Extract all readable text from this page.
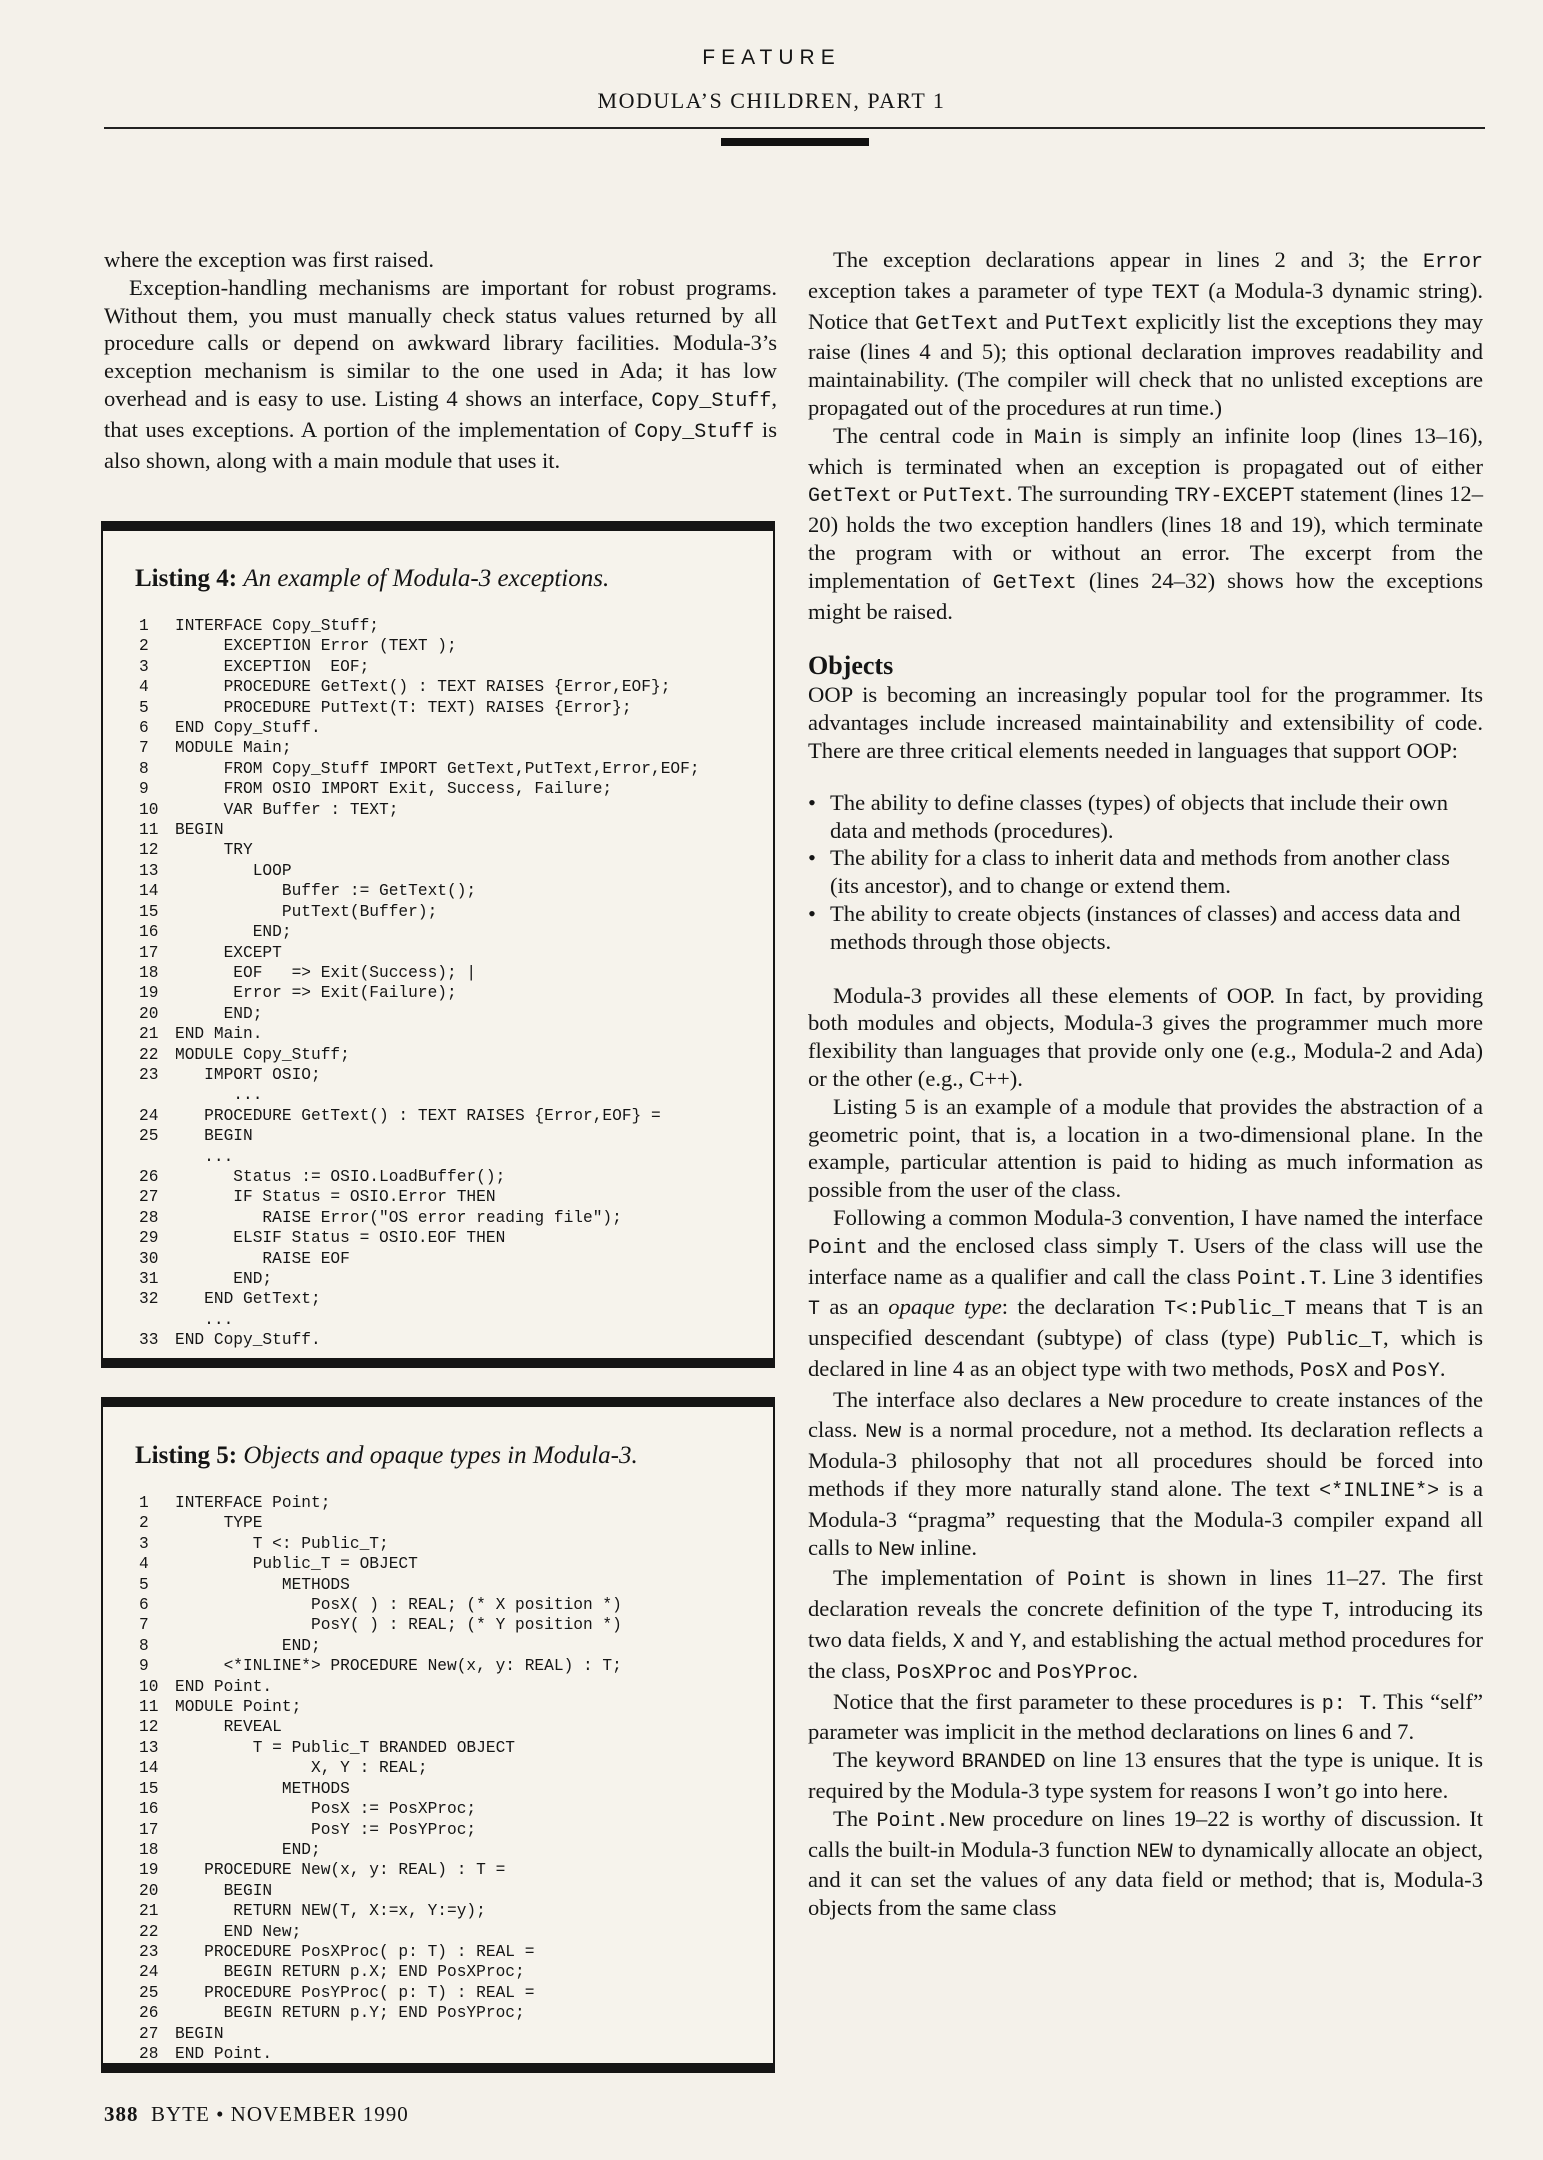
FEATURE
MODULA’S CHILDREN, PART 1

where the exception was first raised.

Exception-handling mechanisms are important for robust programs. Without them, you must manually check status values returned by all procedure calls or depend on awkward library facilities. Modula-3’s exception mechanism is similar to the one used in Ada; it has low overhead and is easy to use. Listing 4 shows an interface, Copy_Stuff, that uses exceptions. A portion of the implementation of Copy_Stuff is also shown, along with a main module that uses it.

Listing 4: An example of Modula-3 exceptions.
1	INTERFACE Copy_Stuff;
2	EXCEPTION Error (TEXT );
3	EXCEPTION  EOF;
4	PROCEDURE GetText() : TEXT RAISES {Error,EOF};
5	PROCEDURE PutText(T: TEXT) RAISES {Error};
6	END Copy_Stuff.
7	MODULE Main;
8	FROM Copy_Stuff IMPORT GetText,PutText,Error,EOF;
9	FROM OSIO IMPORT Exit, Success, Failure;
10	VAR Buffer : TEXT;
11	BEGIN
12	TRY
13	LOOP
14	Buffer := GetText();
15	PutText(Buffer);
16	END;
17	EXCEPT
18	EOF   => Exit(Success); |
19	Error => Exit(Failure);
20	END;
21	END Main.
22	MODULE Copy_Stuff;
23	IMPORT OSIO;
...
24	PROCEDURE GetText() : TEXT RAISES {Error,EOF} =
25	BEGIN
...
26	Status := OSIO.LoadBuffer();
27	IF Status = OSIO.Error THEN
28	RAISE Error("OS error reading file");
29	ELSIF Status = OSIO.EOF THEN
30	RAISE EOF
31	END;
32	END GetText;
...
33	END Copy_Stuff.
Listing 5: Objects and opaque types in Modula-3.
1	INTERFACE Point;
2	TYPE
3	T <: Public_T;
4	Public_T = OBJECT
5	METHODS
6	PosX( ) : REAL; (* X position *)
7	PosY( ) : REAL; (* Y position *)
8	END;
9	<*INLINE*> PROCEDURE New(x, y: REAL) : T;
10	END Point.
11	MODULE Point;
12	REVEAL
13	T = Public_T BRANDED OBJECT
14	X, Y : REAL;
15	METHODS
16	PosX := PosXProc;
17	PosY := PosYProc;
18	END;
19	PROCEDURE New(x, y: REAL) : T =
20	BEGIN
21	RETURN NEW(T, X:=x, Y:=y);
22	END New;
23	PROCEDURE PosXProc( p: T) : REAL =
24	BEGIN RETURN p.X; END PosXProc;
25	PROCEDURE PosYProc( p: T) : REAL =
26	BEGIN RETURN p.Y; END PosYProc;
27	BEGIN
28	END Point.

The exception declarations appear in lines 2 and 3; the Error exception takes a parameter of type TEXT (a Modula-3 dynamic string). Notice that GetText and PutText explicitly list the exceptions they may raise (lines 4 and 5); this optional declaration improves readability and maintainability. (The compiler will check that no unlisted exceptions are propagated out of the procedures at run time.)

The central code in Main is simply an infinite loop (lines 13–16), which is terminated when an exception is propagated out of either GetText or PutText. The surrounding TRY-EXCEPT statement (lines 12–20) holds the two exception handlers (lines 18 and 19), which terminate the program with or without an error. The excerpt from the implementation of GetText (lines 24–32) shows how the exceptions might be raised.

Objects

OOP is becoming an increasingly popular tool for the programmer. Its advantages include increased maintainability and extensibility of code. There are three critical elements needed in languages that support OOP:

• The ability to define classes (types) of objects that include their own data and methods (procedures).
• The ability for a class to inherit data and methods from another class (its ancestor), and to change or extend them.
• The ability to create objects (instances of classes) and access data and methods through those objects.

Modula-3 provides all these elements of OOP. In fact, by providing both modules and objects, Modula-3 gives the programmer much more flexibility than languages that provide only one (e.g., Modula-2 and Ada) or the other (e.g., C++).

Listing 5 is an example of a module that provides the abstraction of a geometric point, that is, a location in a two-dimensional plane. In the example, particular attention is paid to hiding as much information as possible from the user of the class.

Following a common Modula-3 convention, I have named the interface Point and the enclosed class simply T. Users of the class will use the interface name as a qualifier and call the class Point.T. Line 3 identifies T as an opaque type: the declaration T<:Public_T means that T is an unspecified descendant (subtype) of class (type) Public_T, which is declared in line 4 as an object type with two methods, PosX and PosY.

The interface also declares a New procedure to create instances of the class. New is a normal procedure, not a method. Its declaration reflects a Modula-3 philosophy that not all procedures should be forced into methods if they more naturally stand alone. The text <*INLINE*> is a Modula-3 “pragma” requesting that the Modula-3 compiler expand all calls to New inline.

The implementation of Point is shown in lines 11–27. The first declaration reveals the concrete definition of the type T, introducing its two data fields, X and Y, and establishing the actual method procedures for the class, PosXProc and PosYProc.

Notice that the first parameter to these procedures is p: T. This “self” parameter was implicit in the method declarations on lines 6 and 7.

The keyword BRANDED on line 13 ensures that the type is unique. It is required by the Modula-3 type system for reasons I won’t go into here.

The Point.New procedure on lines 19–22 is worthy of discussion. It calls the built-in Modula-3 function NEW to dynamically allocate an object, and it can set the values of any data field or method; that is, Modula-3 objects from the same class

388 BYTE • NOVEMBER 1990
